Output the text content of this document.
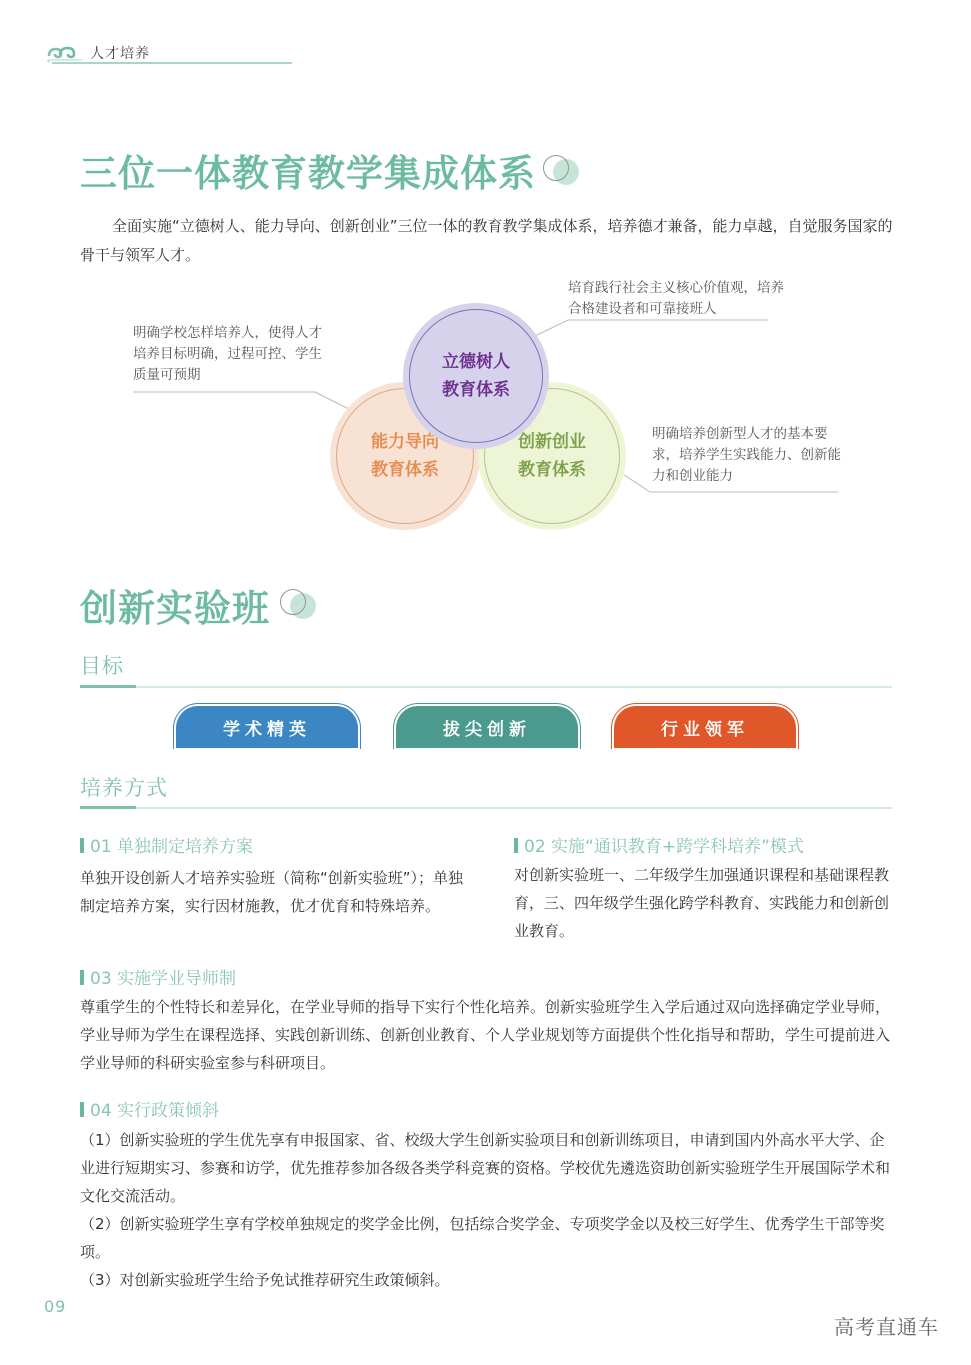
人才培养
三位一体教育教学集成体系

全面实施“立德树人、能力导向、创新创业”三位一体的教育教学集成体系，培养德才兼备，能力卓越，自觉服务国家的骨干与领军人才。

能力导向
教育体系
创新创业
教育体系
立德树人
教育体系
明确学校怎样培养人，使得人才培养目标明确，过程可控、学生质量可预期
培育践行社会主义核心价值观，培养合格建设者和可靠接班人
明确培养创新型人才的基本要求，培养学生实践能力、创新能力和创业能力
创新实验班
目标
学术精英	拔尖创新	行业领军
培养方式
01 单独制定培养方案
单独开设创新人才培养实验班（简称“创新实验班”）；单独制定培养方案，实行因材施教，优才优育和特殊培养。
02 实施“通识教育+跨学科培养”模式
对创新实验班一、二年级学生加强通识课程和基础课程教育，三、四年级学生强化跨学科教育、实践能力和创新创业教育。
03 实施学业导师制
尊重学生的个性特长和差异化，在学业导师的指导下实行个性化培养。创新实验班学生入学后通过双向选择确定学业导师，学业导师为学生在课程选择、实践创新训练、创新创业教育、个人学业规划等方面提供个性化指导和帮助，学生可提前进入学业导师的科研实验室参与科研项目。
04 实行政策倾斜
（1）创新实验班的学生优先享有申报国家、省、校级大学生创新实验项目和创新训练项目，申请到国内外高水平大学、企业进行短期实习、参赛和访学，优先推荐参加各级各类学科竞赛的资格。学校优先遴选资助创新实验班学生开展国际学术和文化交流活动。
（2）创新实验班学生享有学校单独规定的奖学金比例，包括综合奖学金、专项奖学金以及校三好学生、优秀学生干部等奖项。
（3）对创新实验班学生给予免试推荐研究生政策倾斜。
09
高考直通车
